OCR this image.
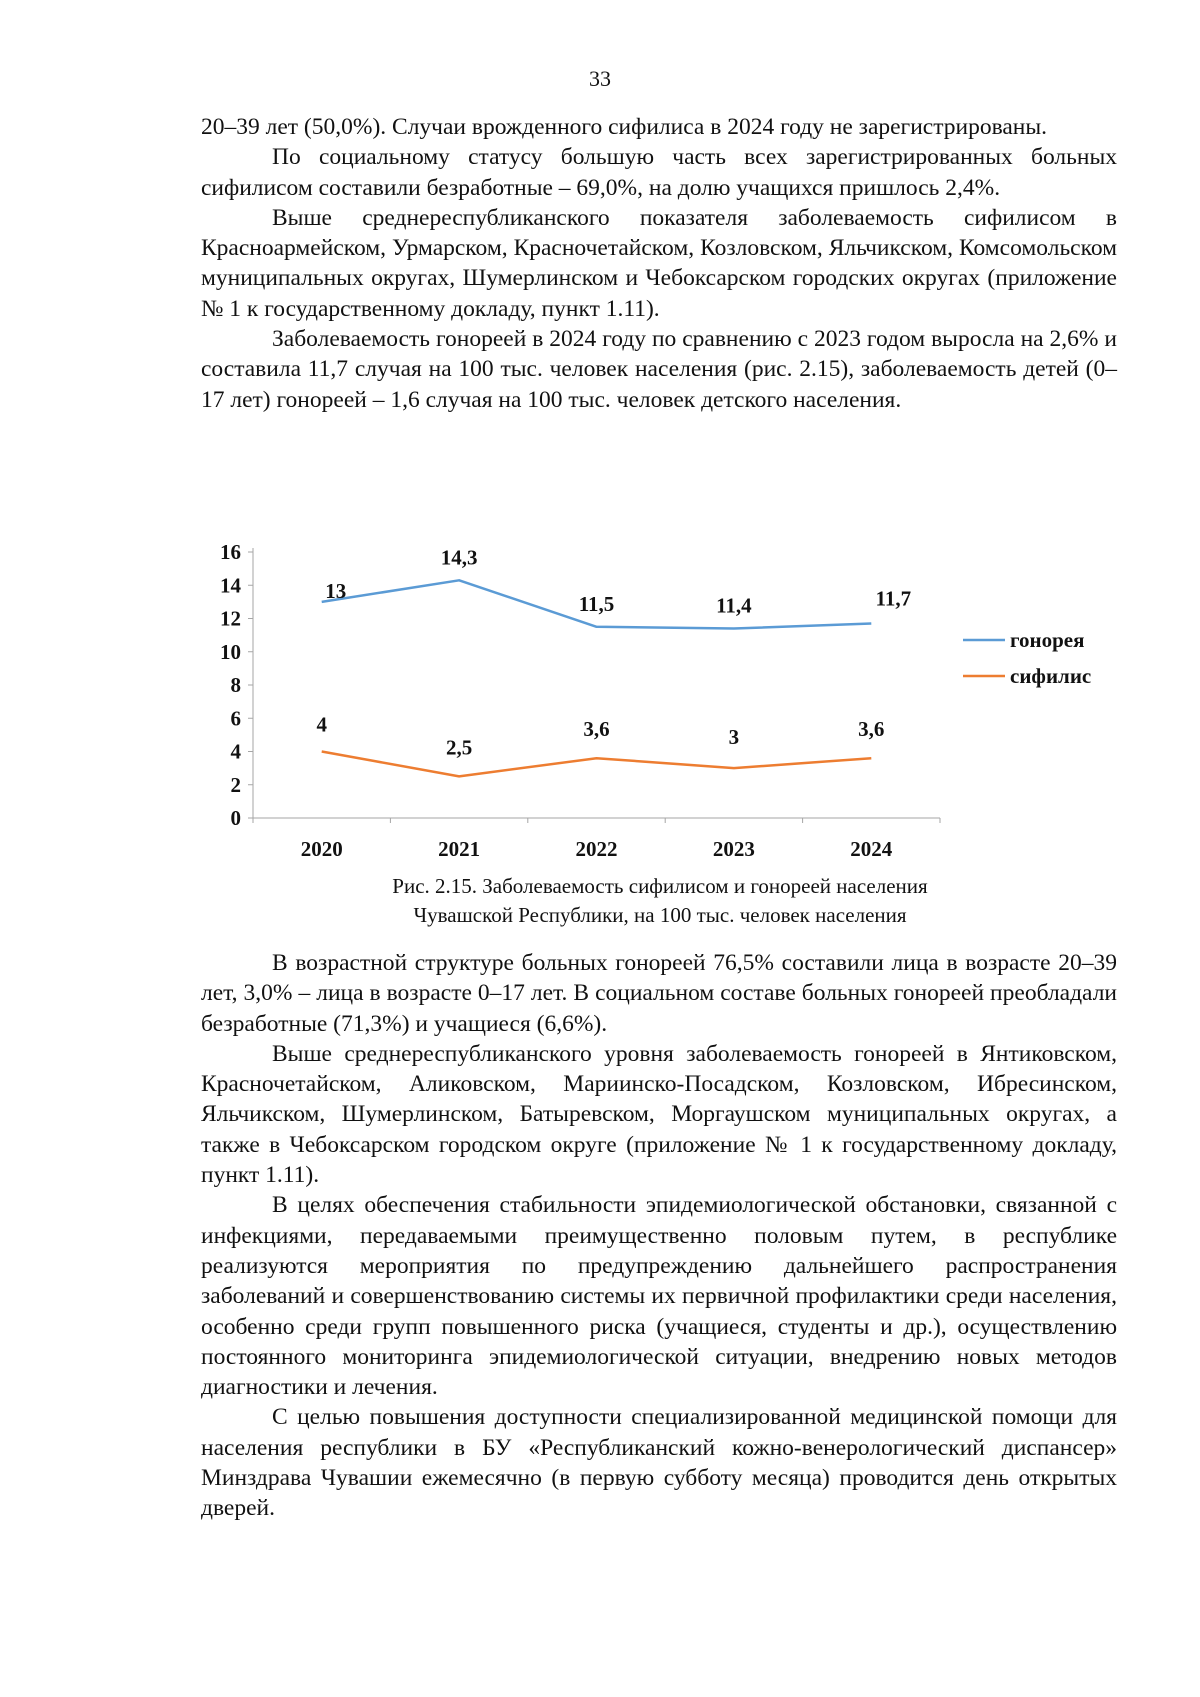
33

20–39 лет (50,0%). Случаи врожденного сифилиса в 2024 году не зарегистрированы.

По социальному статусу большую часть всех зарегистрированных больных сифилисом составили безработные – 69,0%, на долю учащихся пришлось 2,4%.

Выше среднереспубликанского показателя заболеваемость сифилисом в Красноармейском, Урмарском, Красночетайском, Козловском, Яльчикском, Комсомольском муниципальных округах, Шумерлинском и Чебоксарском городских округах (приложение № 1 к государственному докладу, пункт 1.11).

Заболеваемость гонореей в 2024 году по сравнению с 2023 годом выросла на 2,6% и составила 11,7 случая на 100 тыс. человек населения (рис. 2.15), заболеваемость детей (0–17 лет) гонореей – 1,6 случая на 100 тыс. человек детского населения.

0
2
4
6
8
10
12
14
16
2020	2021	2022	2023	2024
13
14,3
11,5	11,4	11,7
4
2,5
3,6	3	3,6
гонорея
сифилис
Рис. 2.15. Заболеваемость сифилисом и гонореей населения
Чувашской Республики, на 100 тыс. человек населения

В возрастной структуре больных гонореей 76,5% составили лица в возрасте 20–39 лет, 3,0% – лица в возрасте 0–17 лет. В социальном составе больных гонореей преобладали безработные (71,3%) и учащиеся (6,6%).

Выше среднереспубликанского уровня заболеваемость гонореей в Янтиковском, Красночетайском, Аликовском, Мариинско-Посадском, Козловском, Ибресинском, Яльчикском, Шумерлинском, Батыревском, Моргаушском муниципальных округах, а также в Чебоксарском городском округе (приложение № 1 к государственному докладу, пункт 1.11).

В целях обеспечения стабильности эпидемиологической обстановки, связанной с инфекциями, передаваемыми преимущественно половым путем, в республике реализуются мероприятия по предупреждению дальнейшего распространения заболеваний и совершенствованию системы их первичной профилактики среди населения, особенно среди групп повышенного риска (учащиеся, студенты и др.), осуществлению постоянного мониторинга эпидемиологической ситуации, внедрению новых методов диагностики и лечения.

С целью повышения доступности специализированной медицинской помощи для населения республики в БУ «Республиканский кожно-венерологический диспансер» Минздрава Чувашии ежемесячно (в первую субботу месяца) проводится день открытых дверей.
